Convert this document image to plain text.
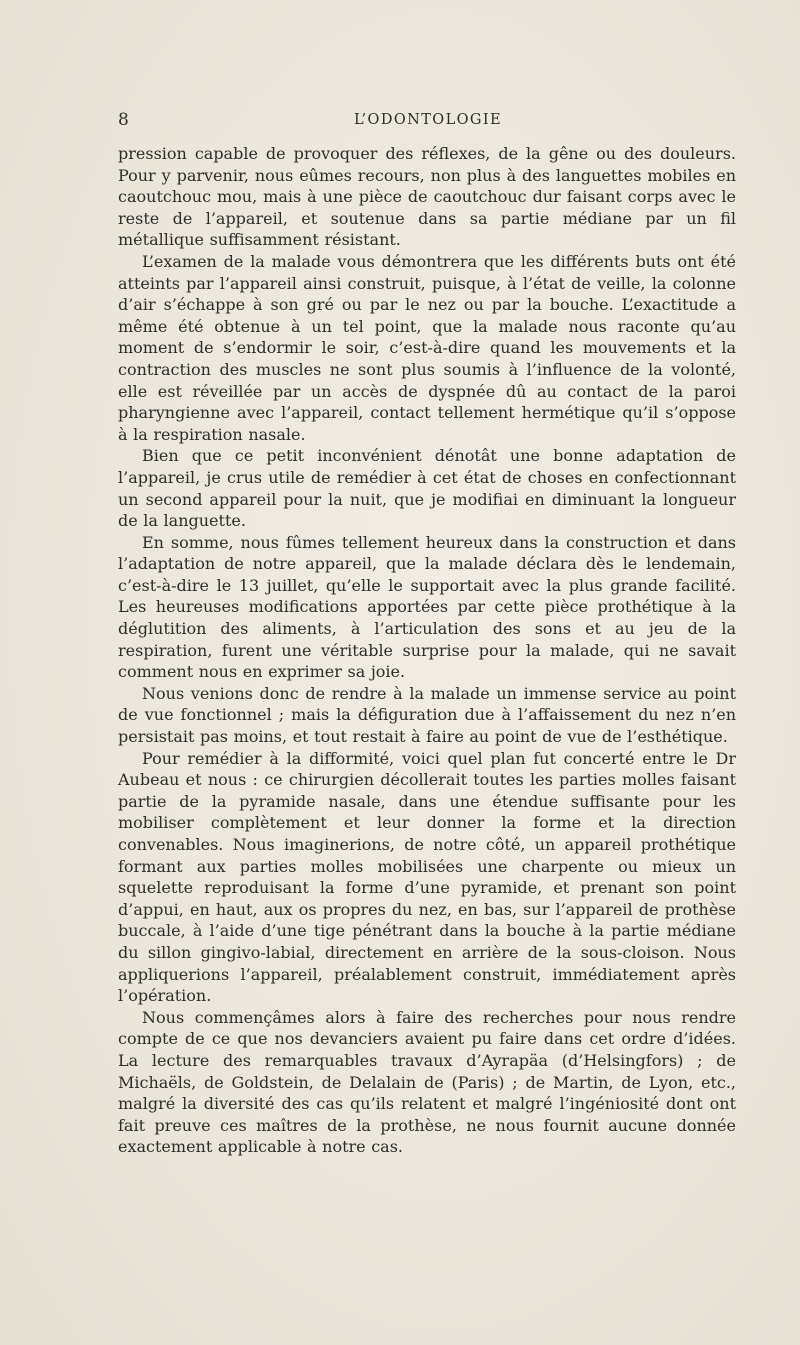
8	L’ODONTOLOGIE

pression capable de provoquer des réflexes, de la gêne ou des douleurs. Pour y parvenir, nous eûmes recours, non plus à des languettes mobiles en caoutchouc mou, mais à une pièce de caoutchouc dur faisant corps avec le reste de l’appareil, et soutenue dans sa partie médiane par un fil métallique suffisamment résistant.

L’examen de la malade vous démontrera que les différents buts ont été atteints par l’appareil ainsi construit, puisque, à l’état de veille, la colonne d’air s’échappe à son gré ou par le nez ou par la bouche. L’exactitude a même été obtenue à un tel point, que la malade nous raconte qu’au moment de s’endormir le soir, c’est-à-dire quand les mouvements et la contraction des muscles ne sont plus soumis à l’influence de la volonté, elle est réveillée par un accès de dyspnée dû au contact de la paroi pharyngienne avec l’appareil, contact tellement hermétique qu’il s’oppose à la respiration nasale.

Bien que ce petit inconvénient dénotât une bonne adaptation de l’appareil, je crus utile de remédier à cet état de choses en confectionnant un second appareil pour la nuit, que je modifiai en diminuant la longueur de la languette.

En somme, nous fûmes tellement heureux dans la construction et dans l’adaptation de notre appareil, que la malade déclara dès le lendemain, c’est-à-dire le 13 juillet, qu’elle le supportait avec la plus grande facilité. Les heureuses modifications apportées par cette pièce prothétique à la déglutition des aliments, à l’articulation des sons et au jeu de la respiration, furent une véritable surprise pour la malade, qui ne savait comment nous en exprimer sa joie.

Nous venions donc de rendre à la malade un immense service au point de vue fonctionnel ; mais la défiguration due à l’affaissement du nez n’en persistait pas moins, et tout restait à faire au point de vue de l’esthétique.

Pour remédier à la difformité, voici quel plan fut concerté entre le Dr Aubeau et nous : ce chirurgien décollerait toutes les parties molles faisant partie de la pyramide nasale, dans une étendue suffisante pour les mobiliser complètement et leur donner la forme et la direction convenables. Nous imaginerions, de notre côté, un appareil prothétique formant aux parties molles mobilisées une charpente ou mieux un squelette reproduisant la forme d’une pyramide, et prenant son point d’appui, en haut, aux os propres du nez, en bas, sur l’appareil de prothèse buccale, à l’aide d’une tige pénétrant dans la bouche à la partie médiane du sillon gingivo-labial, directement en arrière de la sous-cloison. Nous appliquerions l’appareil, préalablement construit, immédiatement après l’opération.

Nous commençâmes alors à faire des recherches pour nous rendre compte de ce que nos devanciers avaient pu faire dans cet ordre d’idées. La lecture des remarquables travaux d’Ayrapäa (d’Helsingfors) ; de Michaëls, de Goldstein, de Delalain de (Paris) ; de Martin, de Lyon, etc., malgré la diversité des cas qu’ils relatent et malgré l’ingéniosité dont ont fait preuve ces maîtres de la prothèse, ne nous fournit aucune donnée exactement applicable à notre cas.
